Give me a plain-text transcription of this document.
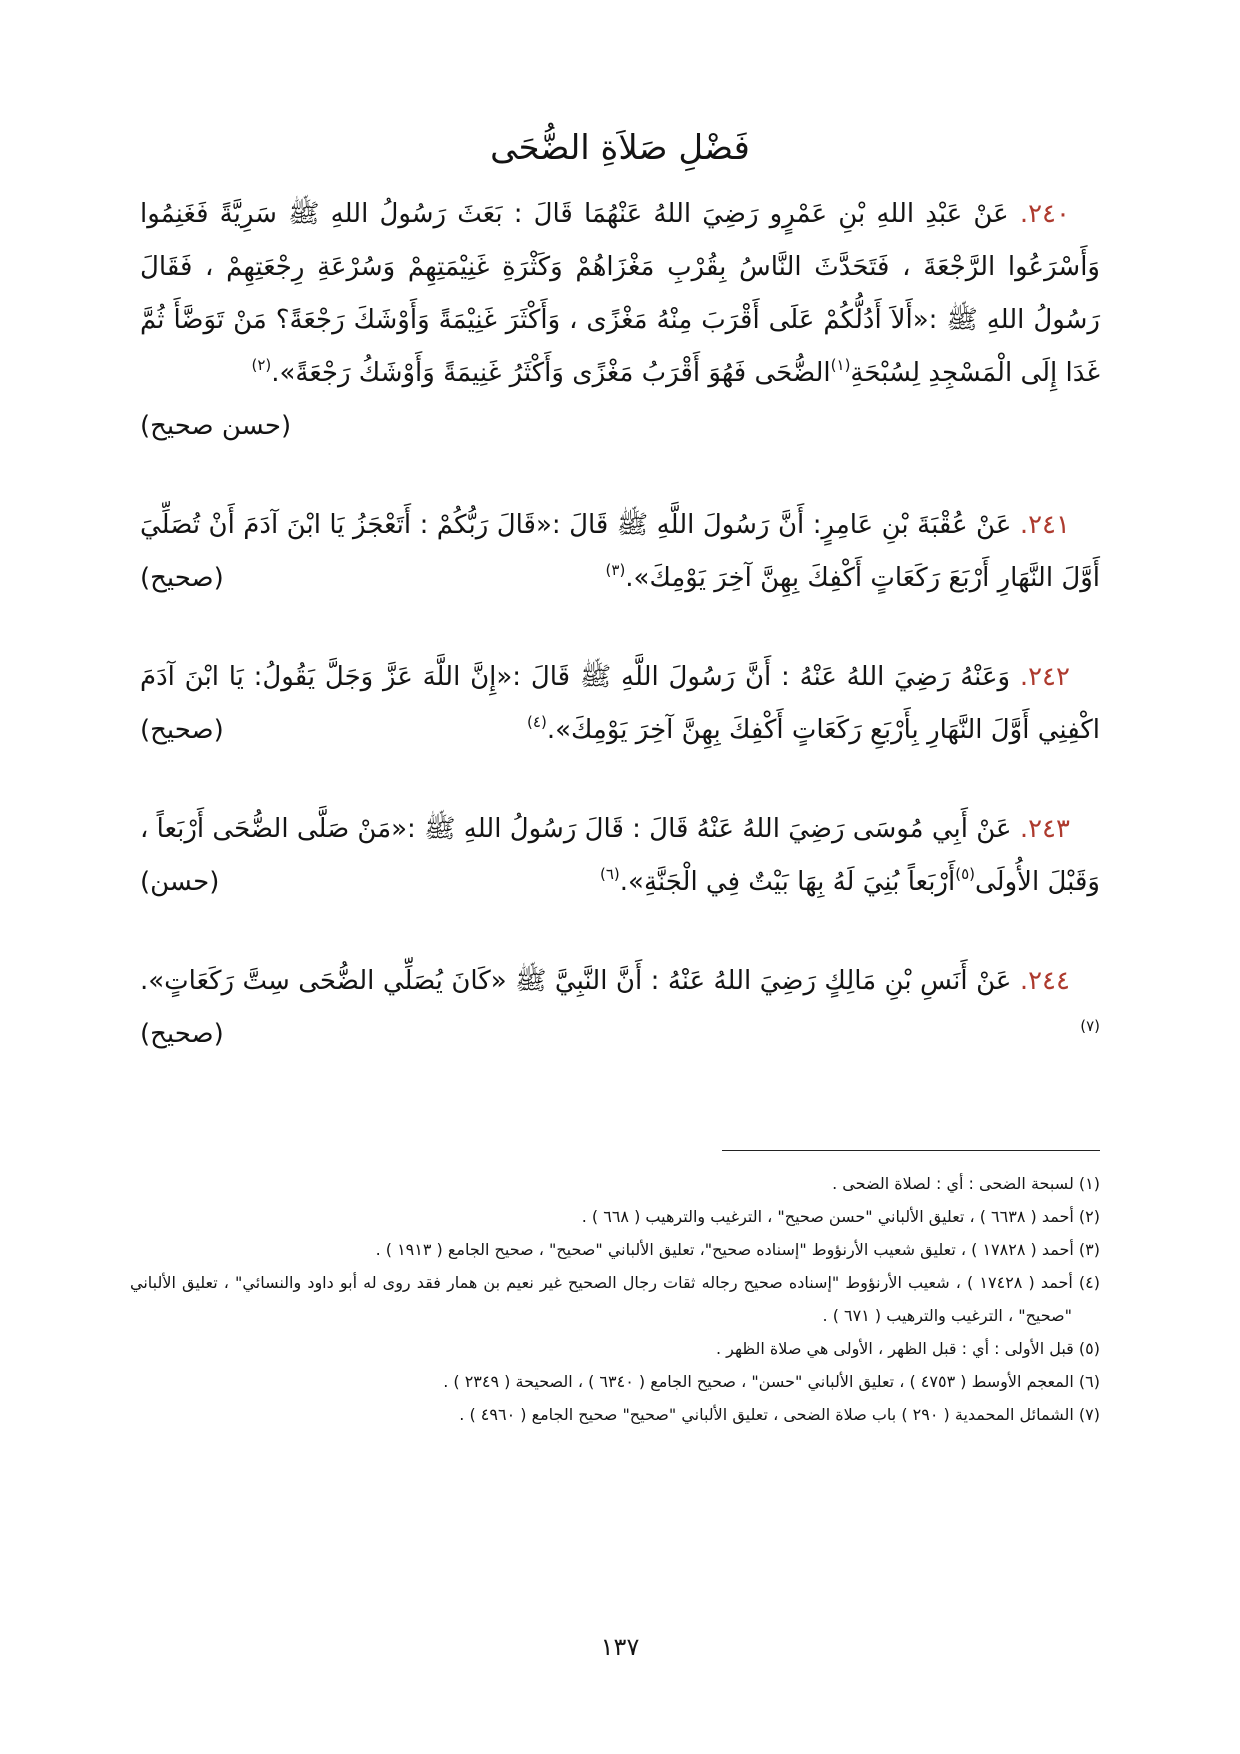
فَضْلِ صَلاَةِ الضُّحَى

٢٤٠. عَنْ عَبْدِ اللهِ بْنِ عَمْرٍو رَضِيَ اللهُ عَنْهُمَا قَالَ : بَعَثَ رَسُولُ اللهِ ﷺ سَرِيَّةً فَغَنِمُوا وَأَسْرَعُوا الرَّجْعَةَ ، فَتَحَدَّثَ النَّاسُ بِقُرْبِ مَغْزَاهُمْ وَكَثْرَةِ غَنِيْمَتِهِمْ وَسُرْعَةِ رِجْعَتِهِمْ ، فَقَالَ رَسُولُ اللهِ ﷺ :«أَلاَ أَدُلُّكُمْ عَلَى أَقْرَبَ مِنْهُ مَغْزًى ، وَأَكْثَرَ غَنِيْمَةً وَأَوْشَكَ رَجْعَةً؟ مَنْ تَوَضَّأَ ثُمَّ غَدَا إِلَى الْمَسْجِدِ لِسُبْحَةِ$^{(١)}$الضُّحَى فَهُوَ أَقْرَبُ مَغْزًى وَأَكْثَرُ غَنِيمَةً وَأَوْشَكُ رَجْعَةً».$^{(٢)}$
(حسن صحيح)

٢٤١. عَنْ عُقْبَةَ بْنِ عَامِرٍ: أَنَّ رَسُولَ اللَّهِ ﷺ قَالَ :«قَالَ رَبُّكُمْ : أَتَعْجَزُ يَا ابْنَ آدَمَ أَنْ تُصَلِّيَ أَوَّلَ النَّهَارِ أَرْبَعَ رَكَعَاتٍ أَكْفِكَ بِهِنَّ آخِرَ يَوْمِكَ».$^{(٣)}$
(صحيح)

٢٤٢. وَعَنْهُ رَضِيَ اللهُ عَنْهُ : أَنَّ رَسُولَ اللَّهِ ﷺ قَالَ :«إِنَّ اللَّهَ عَزَّ وَجَلَّ يَقُولُ: يَا ابْنَ آدَمَ اكْفِنِي أَوَّلَ النَّهَارِ بِأَرْبَعِ رَكَعَاتٍ أَكْفِكَ بِهِنَّ آخِرَ يَوْمِكَ».$^{(٤)}$
(صحيح)

٢٤٣. عَنْ أَبِي مُوسَى رَضِيَ اللهُ عَنْهُ قَالَ : قَالَ رَسُولُ اللهِ ﷺ :«مَنْ صَلَّى الضُّحَى أَرْبَعاً ، وَقَبْلَ الأُولَى$^{(٥)}$أَرْبَعاً بُنِيَ لَهُ بِهَا بَيْتٌ فِي الْجَنَّةِ».$^{(٦)}$
(حسن)

٢٤٤. عَنْ أَنَسِ بْنِ مَالِكٍ رَضِيَ اللهُ عَنْهُ : أَنَّ النَّبِيَّ ﷺ «كَانَ يُصَلِّي الضُّحَى سِتَّ رَكَعَاتٍ».$^{(٧)}$
(صحيح)

(١) لسبحة الضحى : أي : لصلاة الضحى .

(٢) أحمد ( ٦٦٣٨ ) ، تعليق الألباني "حسن صحيح" ، الترغيب والترهيب ( ٦٦٨ ) .

(٣) أحمد ( ١٧٨٢٨ ) ، تعليق شعيب الأرنؤوط "إسناده صحيح"، تعليق الألباني "صحيح" ، صحيح الجامع ( ١٩١٣ ) .

(٤) أحمد ( ١٧٤٢٨ ) ، شعيب الأرنؤوط "إسناده صحيح رجاله ثقات رجال الصحيح غير نعيم بن همار فقد روى له أبو داود والنسائي" ، تعليق الألباني "صحيح" ، الترغيب والترهيب ( ٦٧١ ) .

(٥) قبل الأولى : أي : قبل الظهر ، الأولى هي صلاة الظهر .

(٦) المعجم الأوسط ( ٤٧٥٣ ) ، تعليق الألباني "حسن" ، صحيح الجامع ( ٦٣٤٠ ) ، الصحيحة ( ٢٣٤٩ ) .

(٧) الشمائل المحمدية ( ٢٩٠ ) باب صلاة الضحى ، تعليق الألباني "صحيح" صحيح الجامع ( ٤٩٦٠ ) .

١٣٧
